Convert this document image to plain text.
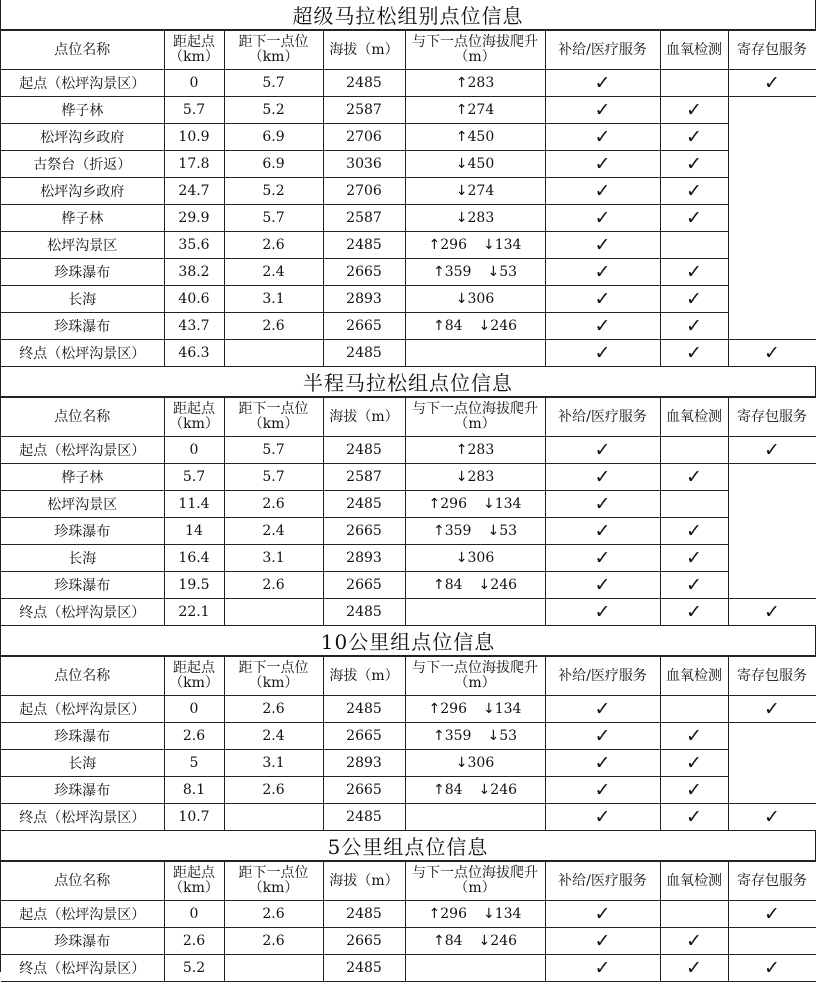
超级马拉松组别点位信息
点位名称	距起点（km）	距下一点位（km）	海拔（m）	与下一点位海拔爬升（m）	补给/医疗服务	血氧检测	寄存包服务
起点（松坪沟景区）	0	5.7	2485	↑283	✓		✓
桦子林	5.7	5.2	2587	↑274	✓	✓	
松坪沟乡政府	10.9	6.9	2706	↑450	✓	✓	
古祭台（折返）	17.8	6.9	3036	↓450	✓	✓	
松坪沟乡政府	24.7	5.2	2706	↓274	✓	✓	
桦子林	29.9	5.7	2587	↓283	✓	✓	
松坪沟景区	35.6	2.6	2485	↑296 ↓134	✓		
珍珠瀑布	38.2	2.4	2665	↑359 ↓53	✓	✓	
长海	40.6	3.1	2893	↓306	✓	✓	
珍珠瀑布	43.7	2.6	2665	↑84 ↓246	✓	✓	
终点（松坪沟景区）	46.3		2485		✓	✓	✓
半程马拉松组点位信息
点位名称	距起点（km）	距下一点位（km）	海拔（m）	与下一点位海拔爬升（m）	补给/医疗服务	血氧检测	寄存包服务
起点（松坪沟景区）	0	5.7	2485	↑283	✓		✓
桦子林	5.7	5.7	2587	↓283	✓	✓	
松坪沟景区	11.4	2.6	2485	↑296 ↓134	✓		
珍珠瀑布	14	2.4	2665	↑359 ↓53	✓	✓	
长海	16.4	3.1	2893	↓306	✓	✓	
珍珠瀑布	19.5	2.6	2665	↑84 ↓246	✓	✓	
终点（松坪沟景区）	22.1		2485		✓	✓	✓
10公里组点位信息
点位名称	距起点（km）	距下一点位（km）	海拔（m）	与下一点位海拔爬升（m）	补给/医疗服务	血氧检测	寄存包服务
起点（松坪沟景区）	0	2.6	2485	↑296 ↓134	✓		✓
珍珠瀑布	2.6	2.4	2665	↑359 ↓53	✓	✓	
长海	5	3.1	2893	↓306	✓	✓	
珍珠瀑布	8.1	2.6	2665	↑84 ↓246	✓	✓	
终点（松坪沟景区）	10.7		2485		✓	✓	✓
5公里组点位信息
点位名称	距起点（km）	距下一点位（km）	海拔（m）	与下一点位海拔爬升（m）	补给/医疗服务	血氧检测	寄存包服务
起点（松坪沟景区）	0	2.6	2485	↑296 ↓134	✓		✓
珍珠瀑布	2.6	2.6	2665	↑84 ↓246	✓	✓	
终点（松坪沟景区）	5.2		2485		✓	✓	✓
